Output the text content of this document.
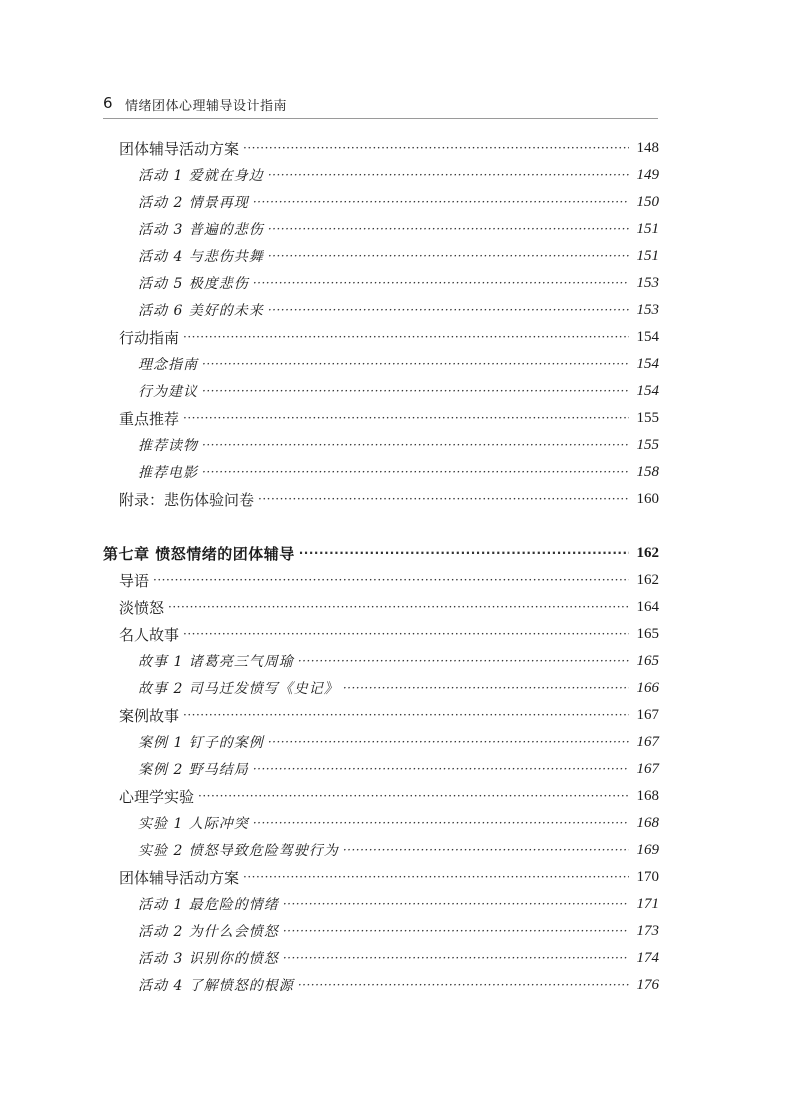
6 情绪团体心理辅导设计指南
团体辅导活动方案 ·····	148
活动 1 爱就在身边 ·····	149
活动 2 情景再现 ·····	150
活动 3 普遍的悲伤 ·····	151
活动 4 与悲伤共舞 ·····	151
活动 5 极度悲伤 ·····	153
活动 6 美好的未来 ·····	153
行动指南 ·····	154
理念指南 ·····	154
行为建议 ·····	154
重点推荐 ·····	155
推荐读物 ·····	155
推荐电影 ·····	158
附录：悲伤体验问卷 ·····	160
第七章 愤怒情绪的团体辅导 ·····	162
导语 ·····	162
淡愤怒 ·····	164
名人故事 ·····	165
故事 1 诸葛亮三气周瑜 ·····	165
故事 2 司马迁发愤写《史记》 ·····	166
案例故事 ·····	167
案例 1 钉子的案例 ·····	167
案例 2 野马结局 ·····	167
心理学实验 ·····	168
实验 1 人际冲突 ·····	168
实验 2 愤怒导致危险驾驶行为 ·····	169
团体辅导活动方案 ·····	170
活动 1 最危险的情绪 ·····	171
活动 2 为什么会愤怒 ·····	173
活动 3 识别你的愤怒 ·····	174
活动 4 了解愤怒的根源 ·····	176
